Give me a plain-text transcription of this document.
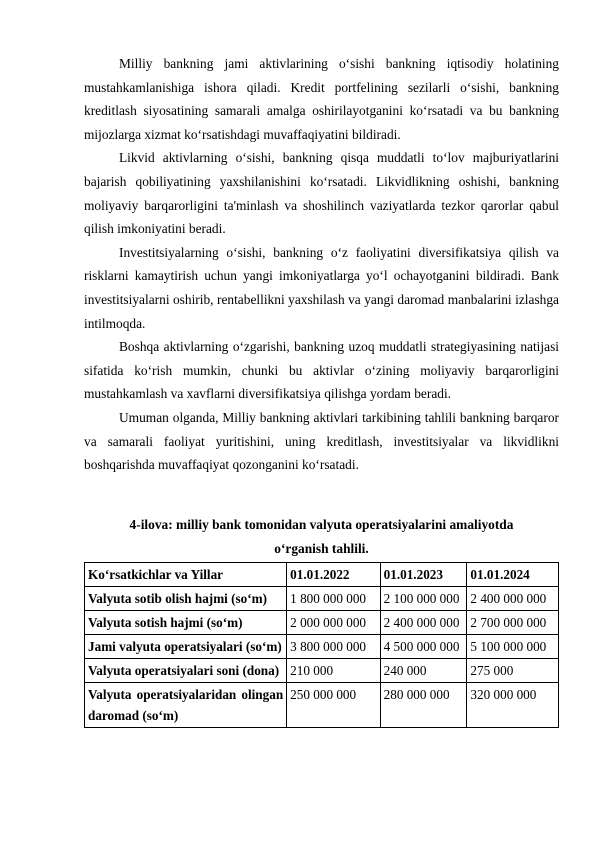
Milliy bankning jami aktivlarining o‘sishi bankning iqtisodiy holatining mustahkamlanishiga ishora qiladi. Kredit portfelining sezilarli o‘sishi, bankning kreditlash siyosatining samarali amalga oshirilayotganini ko‘rsatadi va bu bankning mijozlarga xizmat ko‘rsatishdagi muvaffaqiyatini bildiradi.

Likvid aktivlarning o‘sishi, bankning qisqa muddatli to‘lov majburiyatlarini bajarish qobiliyatining yaxshilanishini ko‘rsatadi. Likvidlikning oshishi, bankning moliyaviy barqarorligini ta'minlash va shoshilinch vaziyatlarda tezkor qarorlar qabul qilish imkoniyatini beradi.

Investitsiyalarning o‘sishi, bankning o‘z faoliyatini diversifikatsiya qilish va risklarni kamaytirish uchun yangi imkoniyatlarga yo‘l ochayotganini bildiradi. Bank investitsiyalarni oshirib, rentabellikni yaxshilash va yangi daromad manbalarini izlashga intilmoqda.

Boshqa aktivlarning o‘zgarishi, bankning uzoq muddatli strategiyasining natijasi sifatida ko‘rish mumkin, chunki bu aktivlar o‘zining moliyaviy barqarorligini mustahkamlash va xavflarni diversifikatsiya qilishga yordam beradi.

Umuman olganda, Milliy bankning aktivlari tarkibining tahlili bankning barqaror va samarali faoliyat yuritishini, uning kreditlash, investitsiyalar va likvidlikni boshqarishda muvaffaqiyat qozonganini ko‘rsatadi.

4-ilova: milliy bank tomonidan valyuta operatsiyalarini amaliyotda
o‘rganish tahlili.
Ko‘rsatkichlar va Yillar	01.01.2022	01.01.2023	01.01.2024
Valyuta sotib olish hajmi (so‘m)	1 800 000 000	2 100 000 000	2 400 000 000
Valyuta sotish hajmi (so‘m)	2 000 000 000	2 400 000 000	2 700 000 000
Jami valyuta operatsiyalari (so‘m)	3 800 000 000	4 500 000 000	5 100 000 000
Valyuta operatsiyalari soni (dona)	210 000	240 000	275 000
Valyuta operatsiyalaridan olingan daromad (so‘m)	250 000 000	280 000 000	320 000 000
